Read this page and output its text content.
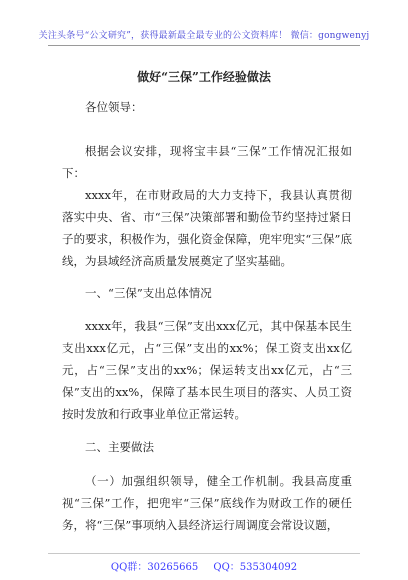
关注头条号“公文研究”，获得最新最全最专业的公文资料库！ 微信：gongwenyj
做好“三保”工作经验做法
各位领导：
根据会议安排，现将宝丰县“三保”工作情况汇报如下：
xxxx年，在市财政局的大力支持下，我县认真贯彻落实中央、省、市“三保”决策部署和勤俭节约坚持过紧日子的要求，积极作为，强化资金保障，兜牢兜实“三保”底线，为县域经济高质量发展奠定了坚实基础。
一、“三保”支出总体情况
xxxx年，我县“三保”支出xxx亿元，其中保基本民生支出xxx亿元，占“三保”支出的xx%；保工资支出xx亿元，占“三保”支出的xx%；保运转支出xx亿元，占“三保”支出的xx%，保障了基本民生项目的落实、人员工资按时发放和行政事业单位正常运转。
二、主要做法
（一）加强组织领导，健全工作机制。我县高度重视“三保”工作，把兜牢“三保”底线作为财政工作的硬任务，将“三保”事项纳入县经济运行周调度会常设议题，
QQ群：30265665 QQ：535304092
